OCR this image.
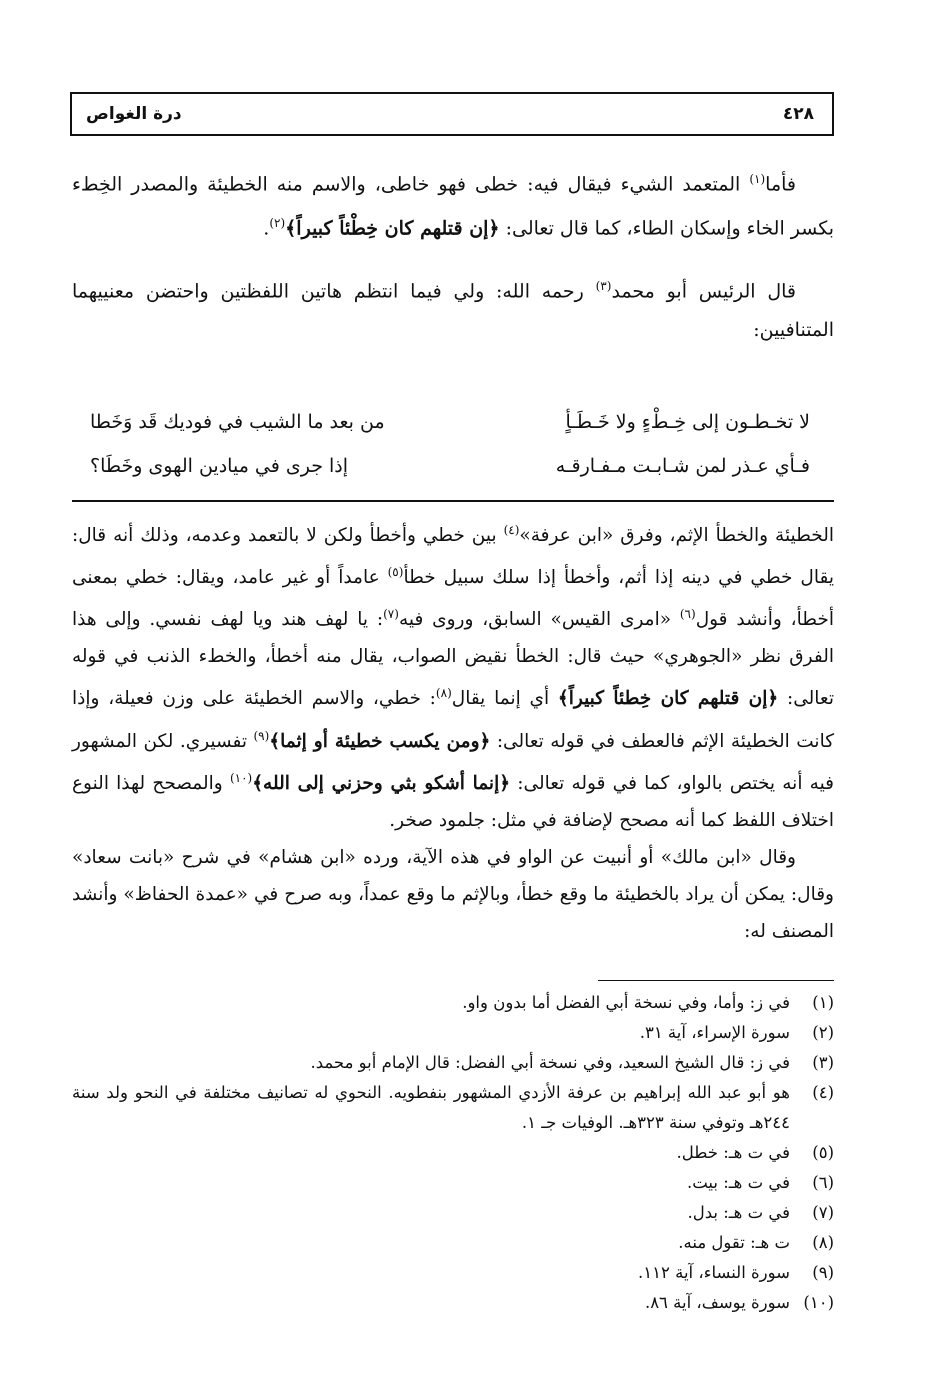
٤٢٨
درة الغواص

فأما$^{(١)}$ المتعمد الشيء فيقال فيه: خطى فهو خاطى، والاسم منه الخطيئة والمصدر الخِطء بكسر الخاء وإسكان الطاء، كما قال تعالى: ﴿إن قتلهم كان خِطْئاً كبيراً﴾$^{(٢)}$.

قال الرئيس أبو محمد$^{(٣)}$ رحمه الله: ولي فيما انتظم هاتين اللفظتين واحتضن معنييهما المتنافيين:

لا تخـطـون إلى خِـطْءٍ ولا خَـطَـأٍ
من بعد ما الشيب في فوديك قَد وَخَطا
فـأي عـذر لمن شـابـت مـفـارقـه
إذا جرى في ميادين الهوى وخَطَا؟

الخطيئة والخطأ الإثم، وفرق «ابن عرفة»$^{(٤)}$ بين خطي وأخطأ ولكن لا بالتعمد وعدمه، وذلك أنه قال: يقال خطي في دينه إذا أثم، وأخطأ إذا سلك سبيل خطأ$^{(٥)}$ عامداً أو غير عامد، ويقال: خطي بمعنى أخطأ، وأنشد قول$^{(٦)}$ «امرى القيس» السابق، وروى فيه$^{(٧)}$: يا لهف هند ويا لهف نفسي. وإلى هذا الفرق نظر «الجوهري» حيث قال: الخطأ نقيض الصواب، يقال منه أخطأ، والخطء الذنب في قوله تعالى: ﴿إن قتلهم كان خِطئاً كبيراً﴾ أي إنما يقال$^{(٨)}$: خطي، والاسم الخطيئة على وزن فعيلة، وإذا كانت الخطيئة الإثم فالعطف في قوله تعالى: ﴿ومن يكسب خطيئة أو إثما﴾$^{(٩)}$ تفسيري. لكن المشهور فيه أنه يختص بالواو، كما في قوله تعالى: ﴿إنما أشكو بثي وحزني إلى الله﴾$^{(١٠)}$ والمصحح لهذا النوع اختلاف اللفظ كما أنه مصحح لإضافة في مثل: جلمود صخر.

وقال «ابن مالك» أو أنبيت عن الواو في هذه الآية، ورده «ابن هشام» في شرح «بانت سعاد» وقال: يمكن أن يراد بالخطيئة ما وقع خطأ، وبالإثم ما وقع عمداً، وبه صرح في «عمدة الحفاظ» وأنشد المصنف له:

(١)
في ز: وأما، وفي نسخة أبي الفضل أما بدون واو.
(٢)
سورة الإسراء، آية ٣١.
(٣)
في ز: قال الشيخ السعيد، وفي نسخة أبي الفضل: قال الإمام أبو محمد.
(٤)
هو أبو عبد الله إبراهيم بن عرفة الأزدي المشهور بنفطويه. النحوي له تصانيف مختلفة في النحو ولد سنة ٢٤٤هـ وتوفي سنة ٣٢٣هـ. الوفيات جـ ١.
(٥)
في ت هـ: خطل.
(٦)
في ت هـ: بيت.
(٧)
في ت هـ: بدل.
(٨)
ت هـ: تقول منه.
(٩)
سورة النساء، آية ١١٢.
(١٠)
سورة يوسف، آية ٨٦.
